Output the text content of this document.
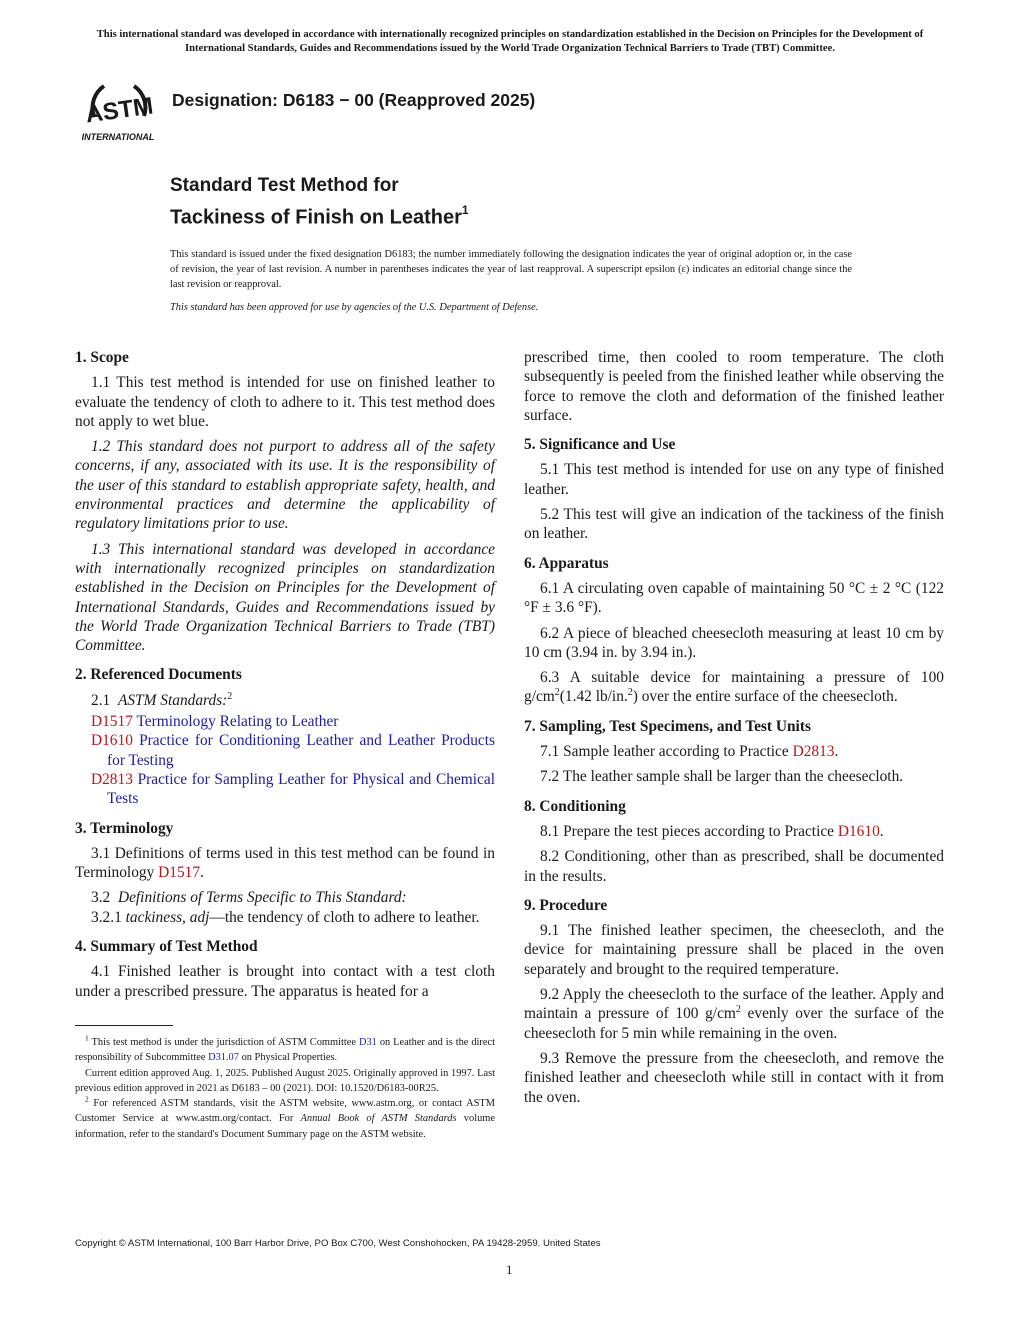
This international standard was developed in accordance with internationally recognized principles on standardization established in the Decision on Principles for the Development of International Standards, Guides and Recommendations issued by the World Trade Organization Technical Barriers to Trade (TBT) Committee.
ASTM
INTERNATIONAL
Designation: D6183 − 00 (Reapproved 2025)
Standard Test Method for
Tackiness of Finish on Leather$^1$
This standard is issued under the fixed designation D6183; the number immediately following the designation indicates the year of original adoption or, in the case of revision, the year of last revision. A number in parentheses indicates the year of last reapproval. A superscript epsilon (ε) indicates an editorial change since the last revision or reapproval.
This standard has been approved for use by agencies of the U.S. Department of Defense.
1. Scope

1.1 This test method is intended for use on finished leather to evaluate the tendency of cloth to adhere to it. This test method does not apply to wet blue.

1.2 This standard does not purport to address all of the safety concerns, if any, associated with its use. It is the responsibility of the user of this standard to establish appropriate safety, health, and environmental practices and determine the applicability of regulatory limitations prior to use.

1.3 This international standard was developed in accordance with internationally recognized principles on standardization established in the Decision on Principles for the Development of International Standards, Guides and Recommendations issued by the World Trade Organization Technical Barriers to Trade (TBT) Committee.

2. Referenced Documents

2.1 ASTM Standards:$^2$

D1517 Terminology Relating to Leather
D1610 Practice for Conditioning Leather and Leather Products for Testing
D2813 Practice for Sampling Leather for Physical and Chemical Tests
3. Terminology

3.1 Definitions of terms used in this test method can be found in Terminology D1517.

3.2 Definitions of Terms Specific to This Standard:

3.2.1 tackiness, adj—the tendency of cloth to adhere to leather.

4. Summary of Test Method

4.1 Finished leather is brought into contact with a test cloth under a prescribed pressure. The apparatus is heated for a

$^1$ This test method is under the jurisdiction of ASTM Committee D31 on Leather and is the direct responsibility of Subcommittee D31.07 on Physical Properties.

Current edition approved Aug. 1, 2025. Published August 2025. Originally approved in 1997. Last previous edition approved in 2021 as D6183 – 00 (2021). DOI: 10.1520/D6183-00R25.

$^2$ For referenced ASTM standards, visit the ASTM website, www.astm.org, or contact ASTM Customer Service at www.astm.org/contact. For Annual Book of ASTM Standards volume information, refer to the standard's Document Summary page on the ASTM website.

prescribed time, then cooled to room temperature. The cloth subsequently is peeled from the finished leather while observing the force to remove the cloth and deformation of the finished leather surface.

5. Significance and Use

5.1 This test method is intended for use on any type of finished leather.

5.2 This test will give an indication of the tackiness of the finish on leather.

6. Apparatus

6.1 A circulating oven capable of maintaining 50 °C ± 2 °C (122 °F ± 3.6 °F).

6.2 A piece of bleached cheesecloth measuring at least 10 cm by 10 cm (3.94 in. by 3.94 in.).

6.3 A suitable device for maintaining a pressure of 100 $g/cm^2(1.42$ lb/in.$^2$) over the entire surface of the cheesecloth.

7. Sampling, Test Specimens, and Test Units

7.1 Sample leather according to Practice D2813.

7.2 The leather sample shall be larger than the cheesecloth.

8. Conditioning

8.1 Prepare the test pieces according to Practice D1610.

8.2 Conditioning, other than as prescribed, shall be documented in the results.

9. Procedure

9.1 The finished leather specimen, the cheesecloth, and the device for maintaining pressure shall be placed in the oven separately and brought to the required temperature.

9.2 Apply the cheesecloth to the surface of the leather. Apply and maintain a pressure of 100 $g/cm^2$ evenly over the surface of the cheesecloth for 5 min while remaining in the oven.

9.3 Remove the pressure from the cheesecloth, and remove the finished leather and cheesecloth while still in contact with it from the oven.

Copyright © ASTM International, 100 Barr Harbor Drive, PO Box C700, West Conshohocken, PA 19428-2959. United States
1
